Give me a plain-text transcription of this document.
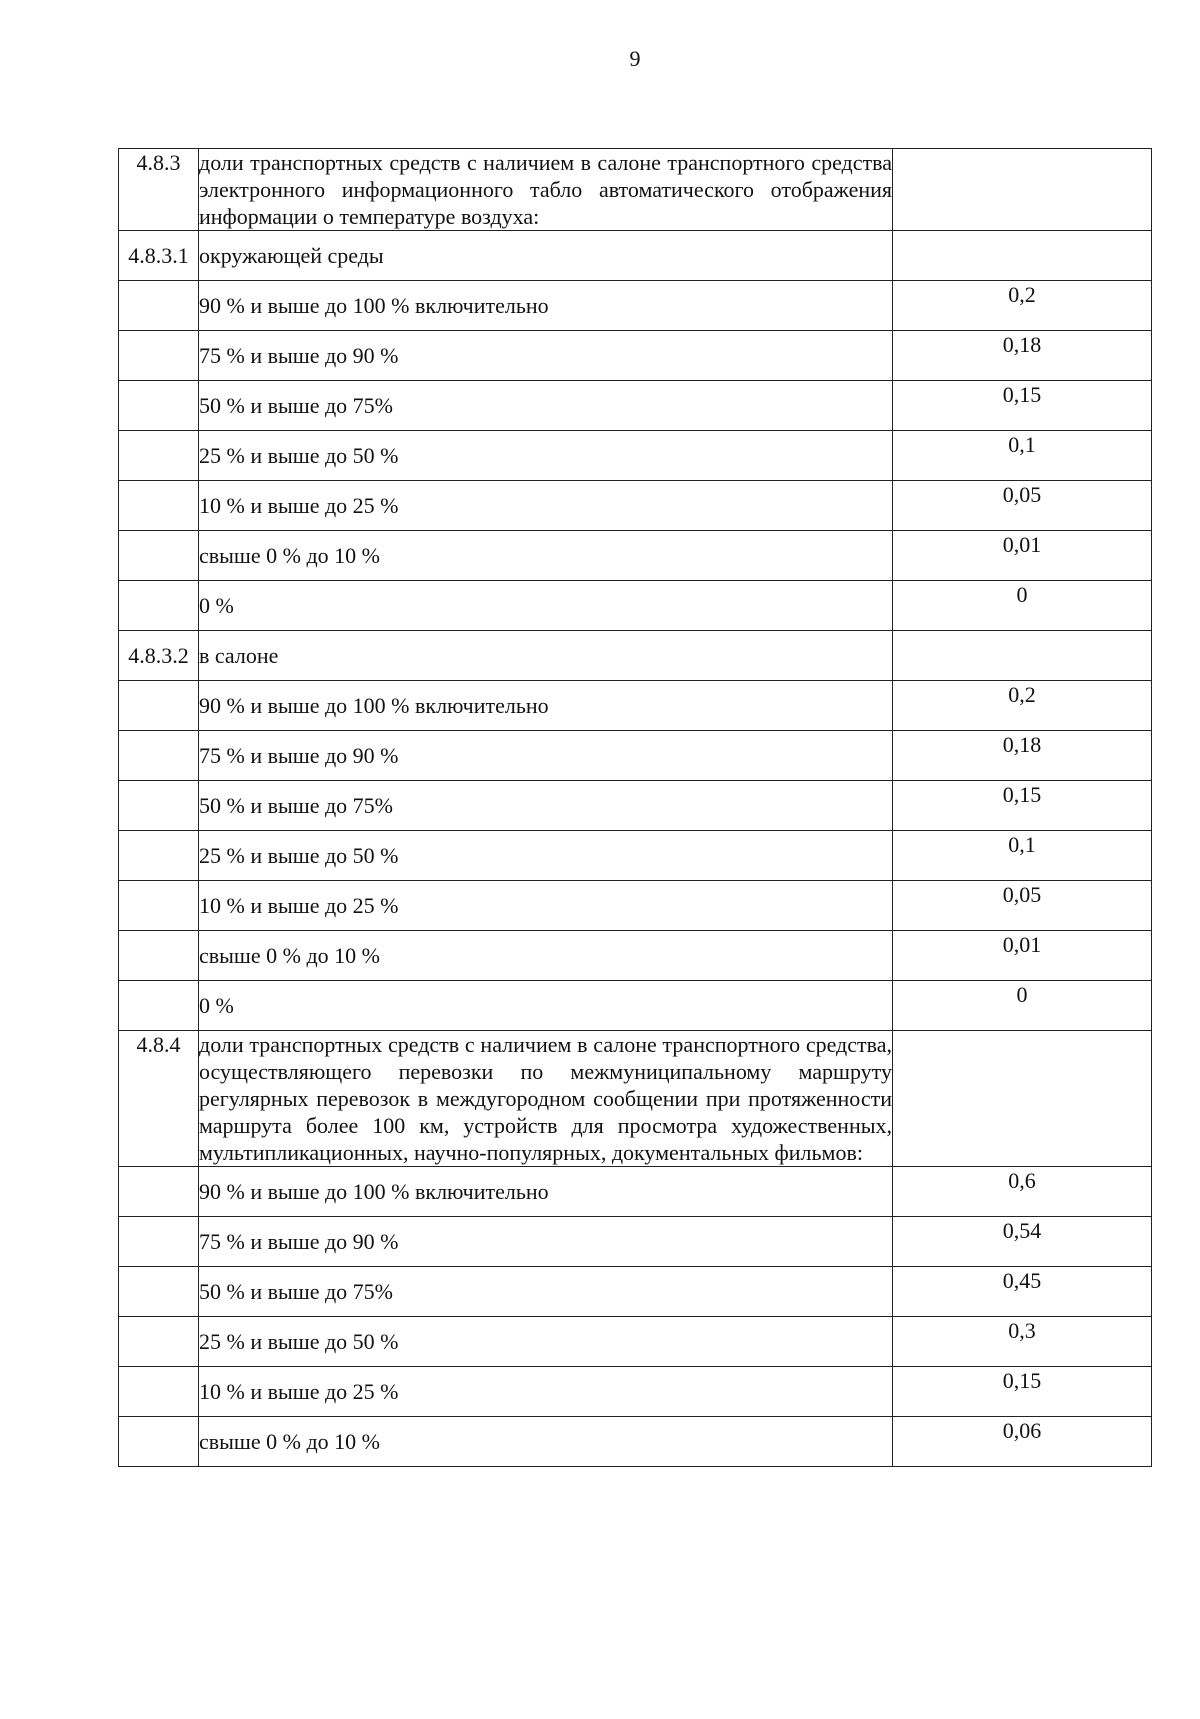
9
4.8.3	доли транспортных средств с наличием в салоне транспортного средства электронного информационного табло автоматического отображения информации о температуре воздуха:	
4.8.3.1	окружающей среды	
	90 % и выше до 100 % включительно	0,2
	75 % и выше до 90 %	0,18
	50 % и выше до 75%	0,15
	25 % и выше до 50 %	0,1
	10 % и выше до 25 %	0,05
	свыше 0 % до 10 %	0,01
	0 %	0
4.8.3.2	в салоне	
	90 % и выше до 100 % включительно	0,2
	75 % и выше до 90 %	0,18
	50 % и выше до 75%	0,15
	25 % и выше до 50 %	0,1
	10 % и выше до 25 %	0,05
	свыше 0 % до 10 %	0,01
	0 %	0
4.8.4	доли транспортных средств с наличием в салоне транспортного средства, осуществляющего перевозки по межмуниципальному маршруту регулярных перевозок в междугородном сообщении при протяженности маршрута более 100 км, устройств для просмотра художественных, мультипликационных, научно-популярных, документальных фильмов:	
	90 % и выше до 100 % включительно	0,6
	75 % и выше до 90 %	0,54
	50 % и выше до 75%	0,45
	25 % и выше до 50 %	0,3
	10 % и выше до 25 %	0,15
	свыше 0 % до 10 %	0,06
